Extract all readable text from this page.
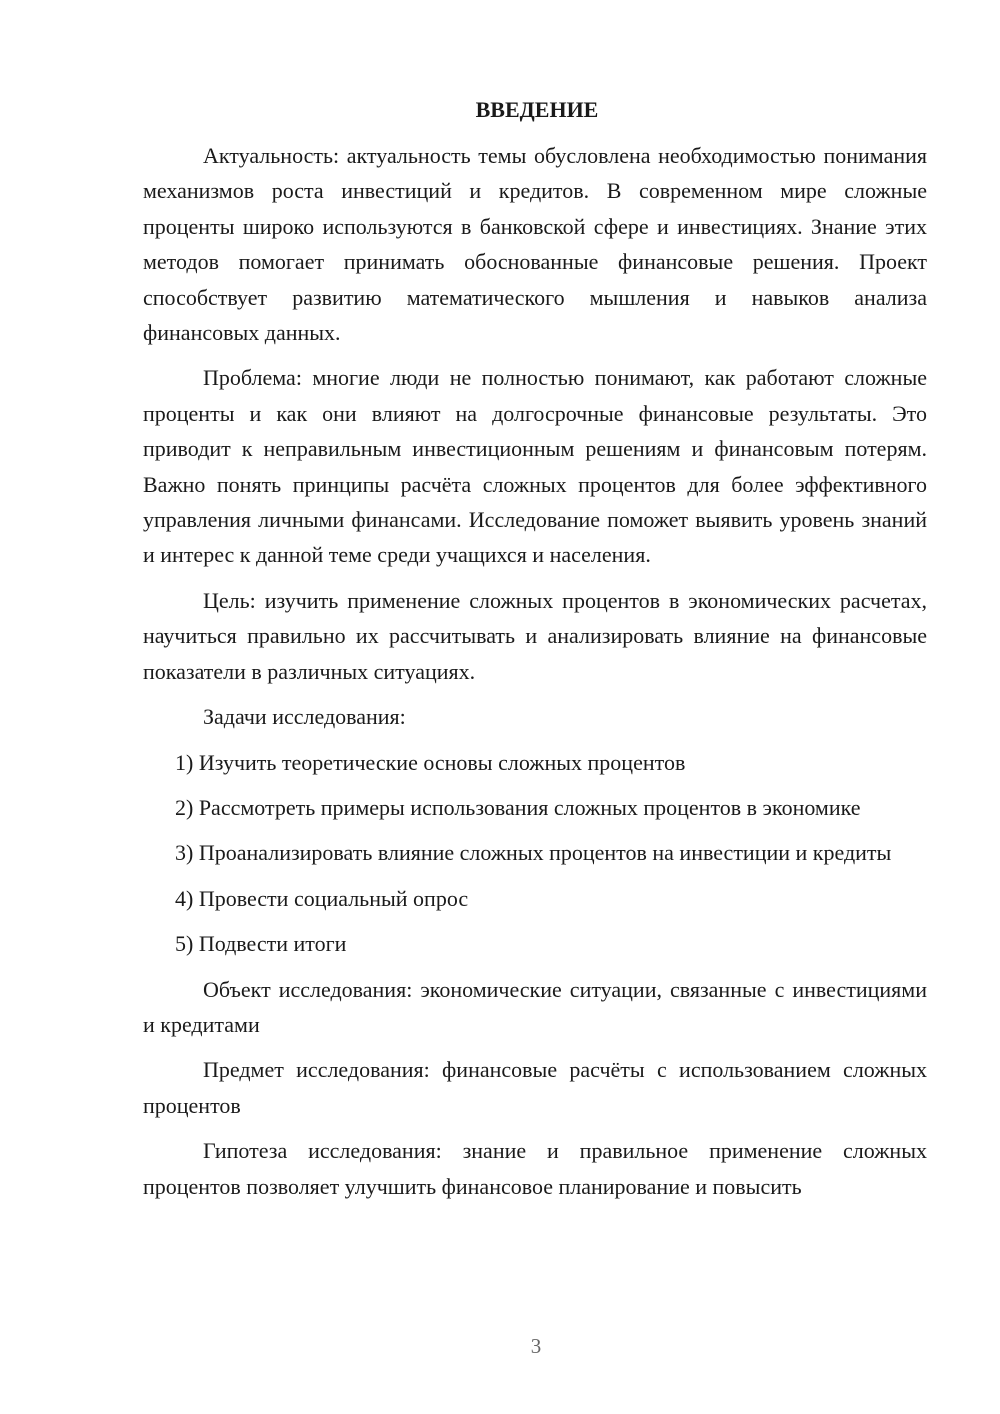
ВВЕДЕНИЕ

Актуальность: актуальность темы обусловлена необходимостью понимания механизмов роста инвестиций и кредитов. В современном мире сложные проценты широко используются в банковской сфере и инвестициях. Знание этих методов помогает принимать обоснованные финансовые решения. Проект способствует развитию математического мышления и навыков анализа финансовых данных.

Проблема: многие люди не полностью понимают, как работают сложные проценты и как они влияют на долгосрочные финансовые результаты. Это приводит к неправильным инвестиционным решениям и финансовым потерям. Важно понять принципы расчёта сложных процентов для более эффективного управления личными финансами. Исследование поможет выявить уровень знаний и интерес к данной теме среди учащихся и населения.

Цель: изучить применение сложных процентов в экономических расчетах, научиться правильно их рассчитывать и анализировать влияние на финансовые показатели в различных ситуациях.

Задачи исследования:

1) Изучить теоретические основы сложных процентов

2) Рассмотреть примеры использования сложных процентов в экономике

3) Проанализировать влияние сложных процентов на инвестиции и кредиты

4) Провести социальный опрос

5) Подвести итоги

Объект исследования: экономические ситуации, связанные с инвестициями и кредитами

Предмет исследования: финансовые расчёты с использованием сложных процентов

Гипотеза исследования: знание и правильное применение сложных процентов позволяет улучшить финансовое планирование и повысить

3
